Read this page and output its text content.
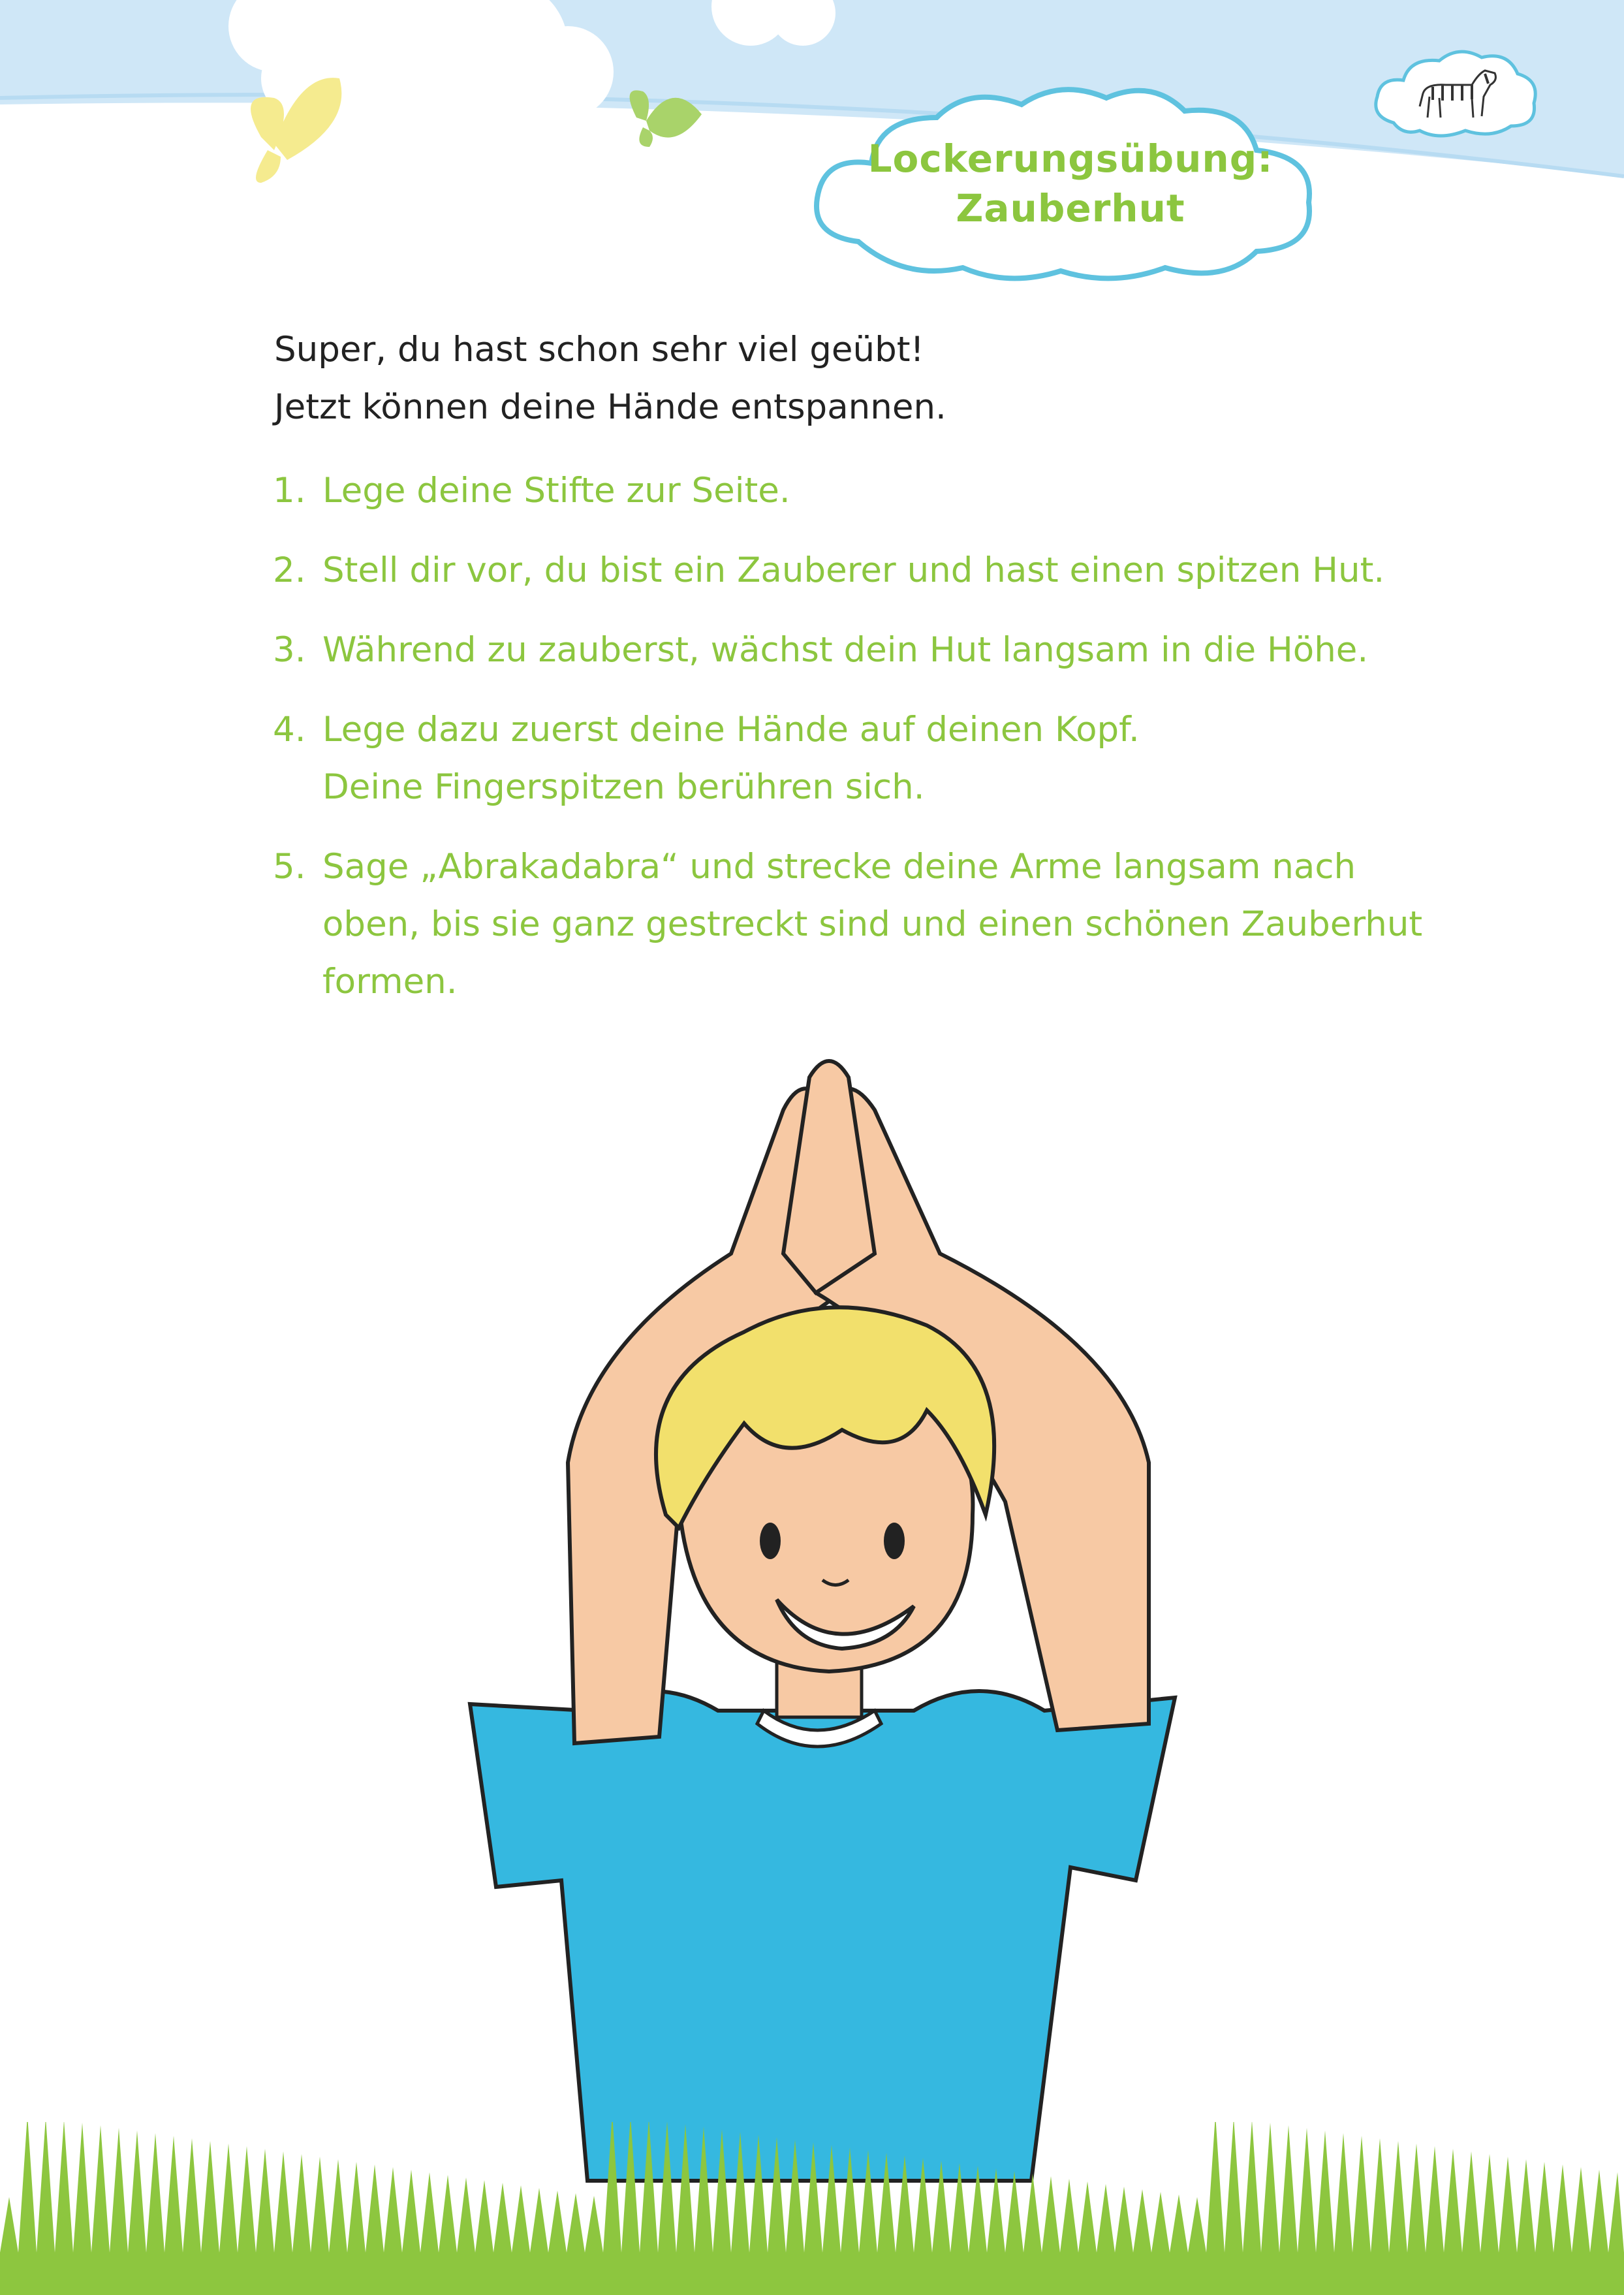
Lockerungsübung:
Zauberhut
Super, du hast schon sehr viel geübt!
Jetzt können deine Hände entspannen.
1. Lege deine Stifte zur Seite.
2. Stell dir vor, du bist ein Zauberer und hast einen spitzen Hut.
3. Während zu zauberst, wächst dein Hut langsam in die Höhe.
4. Lege dazu zuerst deine Hände auf deinen Kopf.
Deine Fingerspitzen berühren sich.
5. Sage „Abrakadabra“ und strecke deine Arme langsam nach
oben, bis sie ganz gestreckt sind und einen schönen Zauberhut
formen.
